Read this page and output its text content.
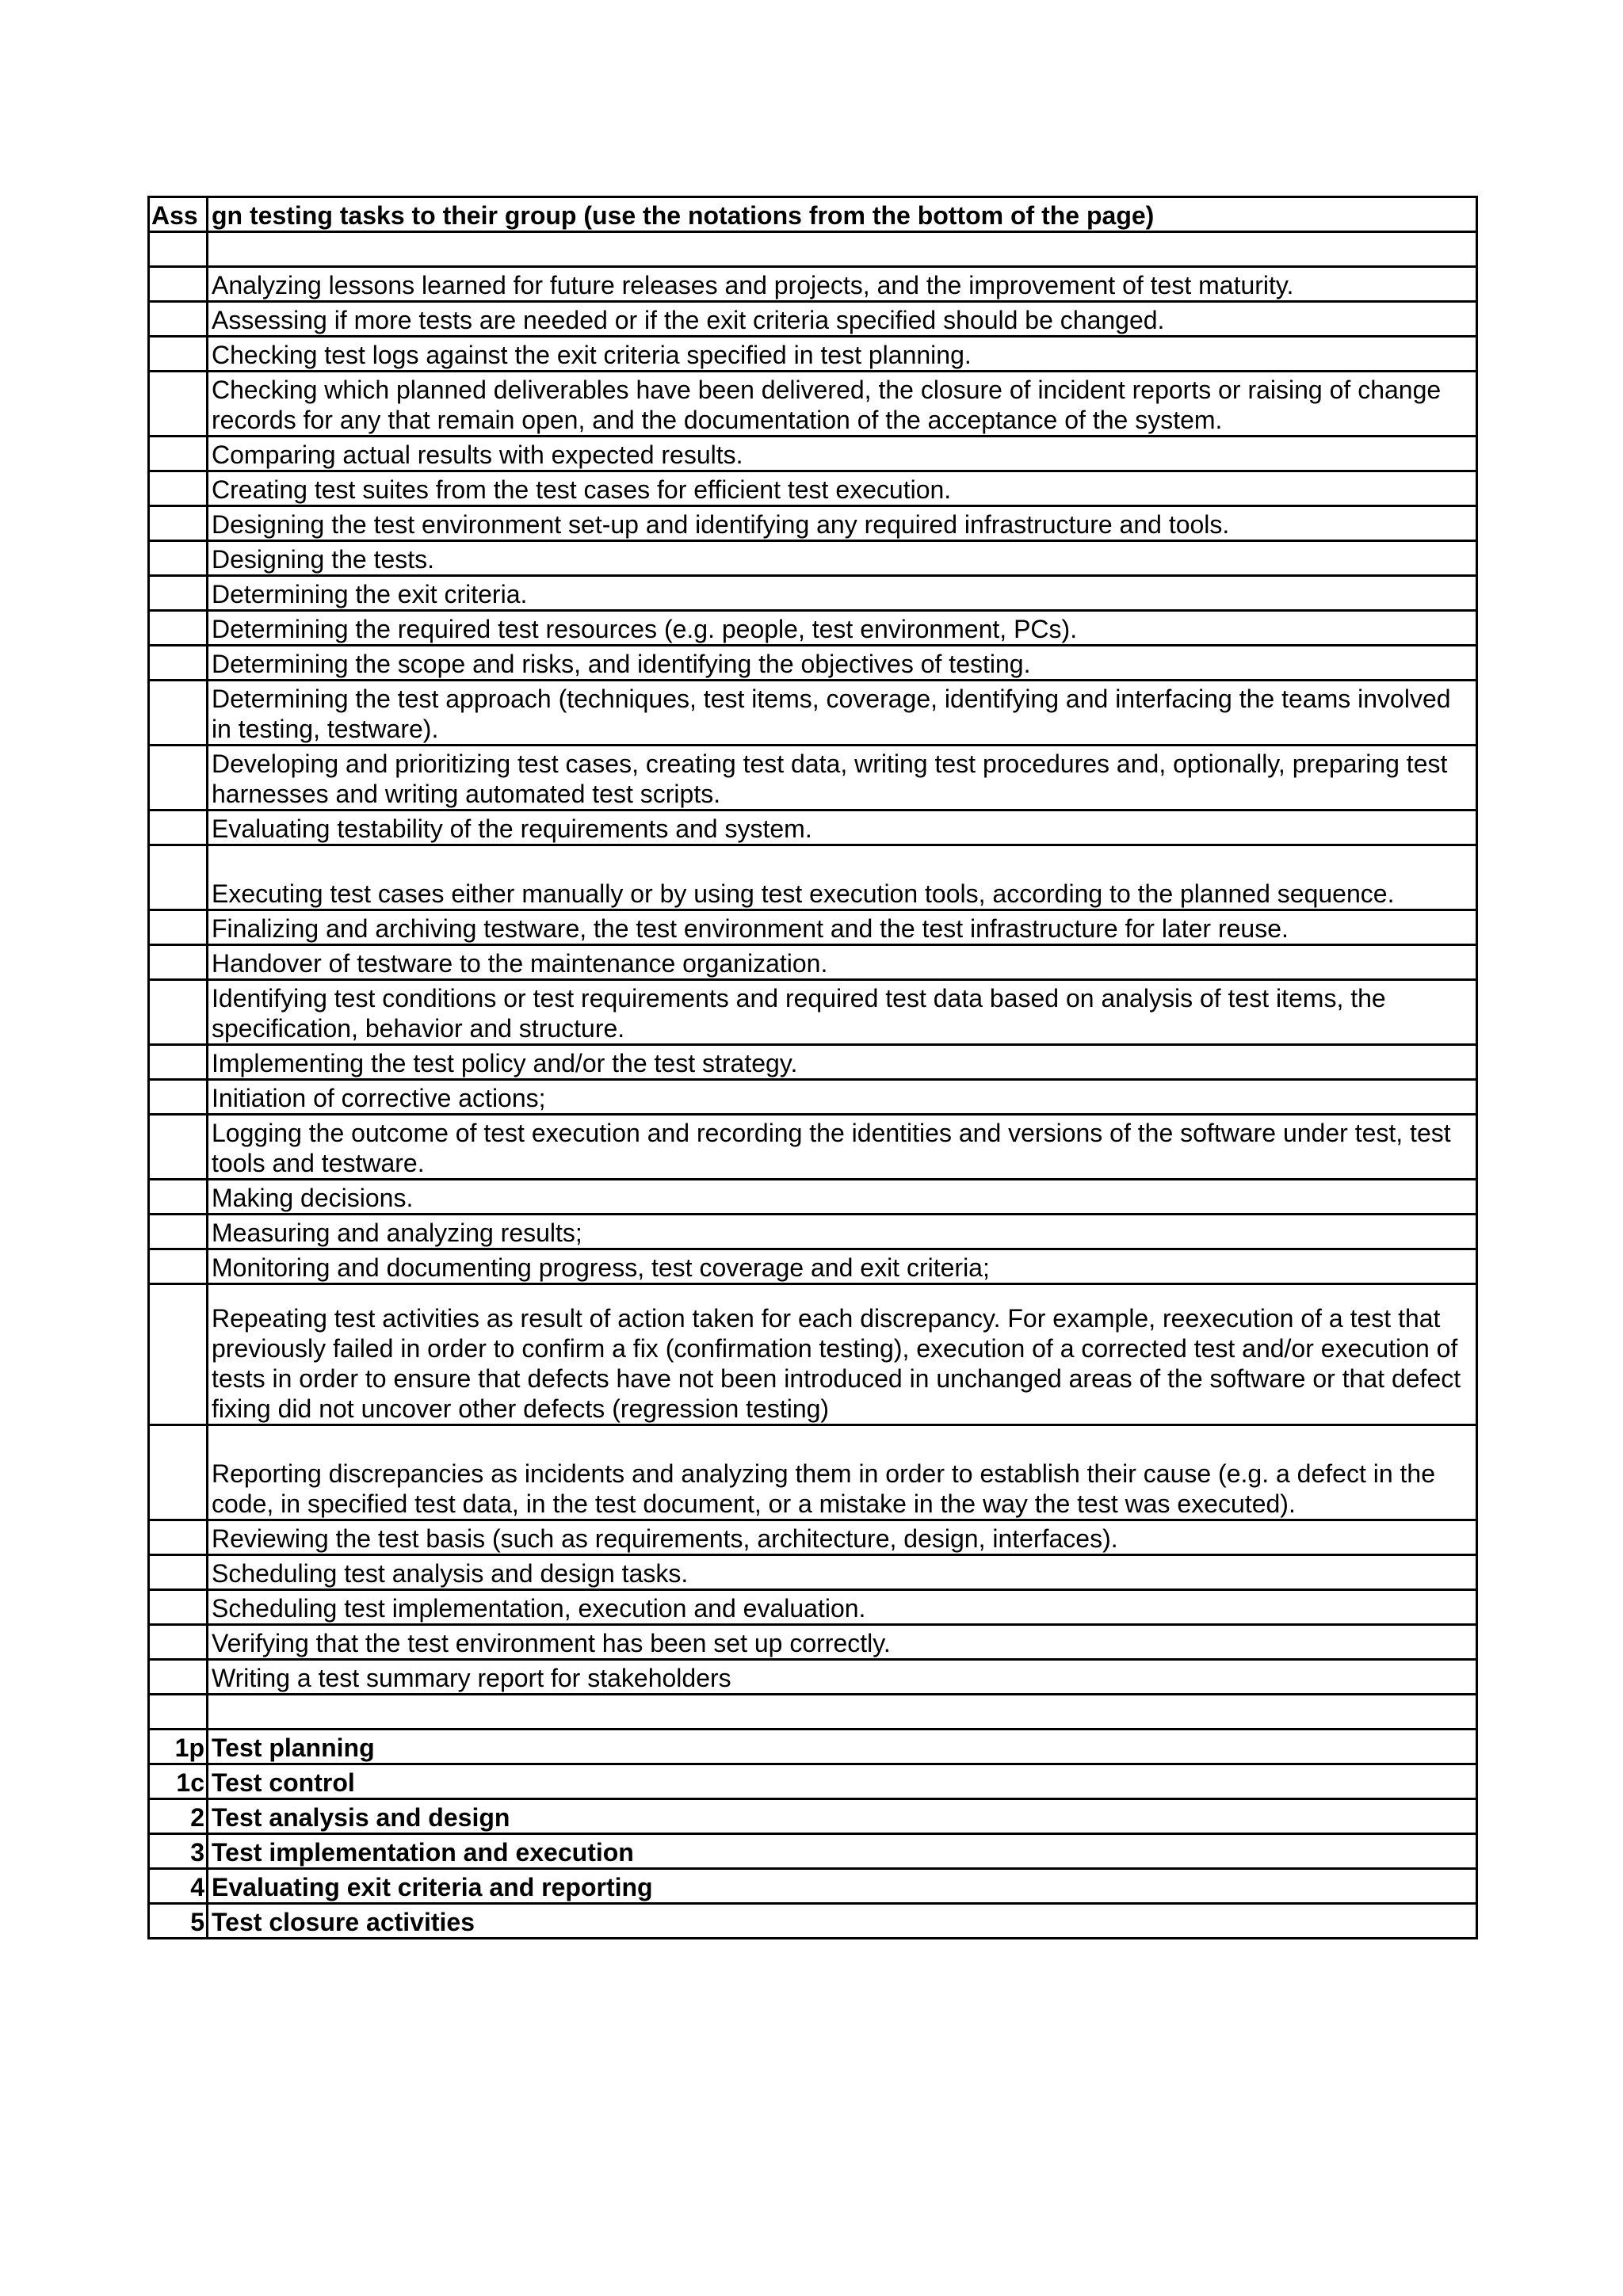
Ass	gn testing tasks to their group (use the notations from the bottom of the page)

	Analyzing lessons learned for future releases and projects, and the improvement of test maturity.
	Assessing if more tests are needed or if the exit criteria specified should be changed.
	Checking test logs against the exit criteria specified in test planning.
	Checking which planned deliverables have been delivered, the closure of incident reports or raising of change records for any that remain open, and the documentation of the acceptance of the system.
	Comparing actual results with expected results.
	Creating test suites from the test cases for efficient test execution.
	Designing the test environment set-up and identifying any required infrastructure and tools.
	Designing the tests.
	Determining the exit criteria.
	Determining the required test resources (e.g. people, test environment, PCs).
	Determining the scope and risks, and identifying the objectives of testing.
	Determining the test approach (techniques, test items, coverage, identifying and interfacing the teams involved in testing, testware).
	Developing and prioritizing test cases, creating test data, writing test procedures and, optionally, preparing test harnesses and writing automated test scripts.
	Evaluating testability of the requirements and system.
	Executing test cases either manually or by using test execution tools, according to the planned sequence.
	Finalizing and archiving testware, the test environment and the test infrastructure for later reuse.
	Handover of testware to the maintenance organization.
	Identifying test conditions or test requirements and required test data based on analysis of test items, the specification, behavior and structure.
	Implementing the test policy and/or the test strategy.
	Initiation of corrective actions;
	Logging the outcome of test execution and recording the identities and versions of the software under test, test tools and testware.
	Making decisions.
	Measuring and analyzing results;
	Monitoring and documenting progress, test coverage and exit criteria;
	Repeating test activities as result of action taken for each discrepancy. For example, reexecution of a test that previously failed in order to confirm a fix (confirmation testing), execution of a corrected test and/or execution of tests in order to ensure that defects have not been introduced in unchanged areas of the software or that defect fixing did not uncover other defects (regression testing)
	Reporting discrepancies as incidents and analyzing them in order to establish their cause (e.g. a defect in the code, in specified test data, in the test document, or a mistake in the way the test was executed).
	Reviewing the test basis (such as requirements, architecture, design, interfaces).
	Scheduling test analysis and design tasks.
	Scheduling test implementation, execution and evaluation.
	Verifying that the test environment has been set up correctly.
	Writing a test summary report for stakeholders

1p	Test planning
1c	Test control
2	Test analysis and design
3	Test implementation and execution
4	Evaluating exit criteria and reporting
5	Test closure activities
